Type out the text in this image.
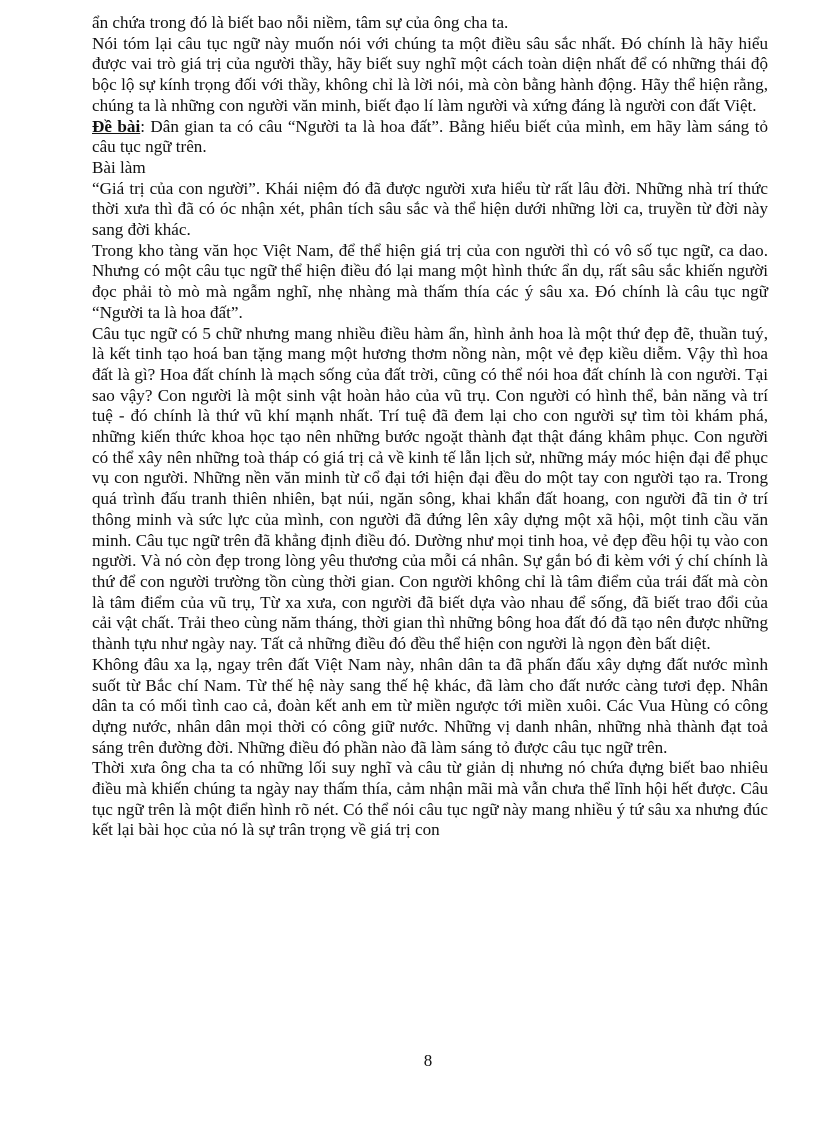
ẩn chứa trong đó là biết bao nỗi niềm, tâm sự của ông cha ta.

Nói tóm lại câu tục ngữ này muốn nói với chúng ta một điều sâu sắc nhất. Đó chính là hãy hiểu được vai trò giá trị của người thầy, hãy biết suy nghĩ một cách toàn diện nhất để có những thái độ bộc lộ sự kính trọng đối với thầy, không chỉ là lời nói, mà còn bằng hành động. Hãy thể hiện rằng, chúng ta là những con người văn minh, biết đạo lí làm người và xứng đáng là người con đất Việt.

Đề bài: Dân gian ta có câu “Người ta là hoa đất”. Bằng hiểu biết của mình, em hãy làm sáng tỏ câu tục ngữ trên.

Bài làm

“Giá trị của con người”. Khái niệm đó đã được người xưa hiểu từ rất lâu đời. Những nhà trí thức thời xưa thì đã có óc nhận xét, phân tích sâu sắc và thể hiện dưới những lời ca, truyền từ đời này sang đời khác.

Trong kho tàng văn học Việt Nam, để thể hiện giá trị của con người thì có vô số tục ngữ, ca dao. Nhưng có một câu tục ngữ thể hiện điều đó lại mang một hình thức ẩn dụ, rất sâu sắc khiến người đọc phải tò mò mà ngẫm nghĩ, nhẹ nhàng mà thấm thía các ý sâu xa. Đó chính là câu tục ngữ “Người ta là hoa đất”.

Câu tục ngữ có 5 chữ nhưng mang nhiều điều hàm ẩn, hình ảnh hoa là một thứ đẹp đẽ, thuần tuý, là kết tinh tạo hoá ban tặng mang một hương thơm nồng nàn, một vẻ đẹp kiều diễm. Vậy thì hoa đất là gì? Hoa đất chính là mạch sống của đất trời, cũng có thể nói hoa đất chính là con người. Tại sao vậy? Con người là một sinh vật hoàn hảo của vũ trụ. Con người có hình thể, bản năng và trí tuệ - đó chính là thứ vũ khí mạnh nhất. Trí tuệ đã đem lại cho con người sự tìm tòi khám phá, những kiến thức khoa học tạo nên những bước ngoặt thành đạt thật đáng khâm phục. Con người có thể xây nên những toà tháp có giá trị cả về kinh tế lẫn lịch sử, những máy móc hiện đại để phục vụ con người. Những nền văn minh từ cổ đại tới hiện đại đều do một tay con người tạo ra. Trong quá trình đấu tranh thiên nhiên, bạt núi, ngăn sông, khai khẩn đất hoang, con người đã tin ở trí thông minh và sức lực của mình, con người đã đứng lên xây dựng một xã hội, một tinh cầu văn minh. Câu tục ngữ trên đã khẳng định điều đó. Dường như mọi tinh hoa, vẻ đẹp đều hội tụ vào con người. Và nó còn đẹp trong lòng yêu thương của mỗi cá nhân. Sự gắn bó đi kèm với ý chí chính là thứ để con người trường tồn cùng thời gian. Con người không chỉ là tâm điểm của trái đất mà còn là tâm điểm của vũ trụ, Từ xa xưa, con người đã biết dựa vào nhau để sống, đã biết trao đổi của cải vật chất. Trải theo cùng năm tháng, thời gian thì những bông hoa đất đó đã tạo nên được những thành tựu như ngày nay. Tất cả những điều đó đều thể hiện con người là ngọn đèn bất diệt.

Không đâu xa lạ, ngay trên đất Việt Nam này, nhân dân ta đã phấn đấu xây dựng đất nước mình suốt từ Bắc chí Nam. Từ thế hệ này sang thế hệ khác, đã làm cho đất nước càng tươi đẹp. Nhân dân ta có mối tình cao cả, đoàn kết anh em từ miền ngược tới miền xuôi. Các Vua Hùng có công dựng nước, nhân dân mọi thời có công giữ nước. Những vị danh nhân, những nhà thành đạt toả sáng trên đường đời. Những điều đó phần nào đã làm sáng tỏ được câu tục ngữ trên.

Thời xưa ông cha ta có những lối suy nghĩ và câu từ giản dị nhưng nó chứa đựng biết bao nhiêu điều mà khiến chúng ta ngày nay thấm thía, cảm nhận mãi mà vẫn chưa thể lĩnh hội hết được. Câu tục ngữ trên là một điển hình rõ nét. Có thể nói câu tục ngữ này mang nhiều ý tứ sâu xa nhưng đúc kết lại bài học của nó là sự trân trọng về giá trị con

8
